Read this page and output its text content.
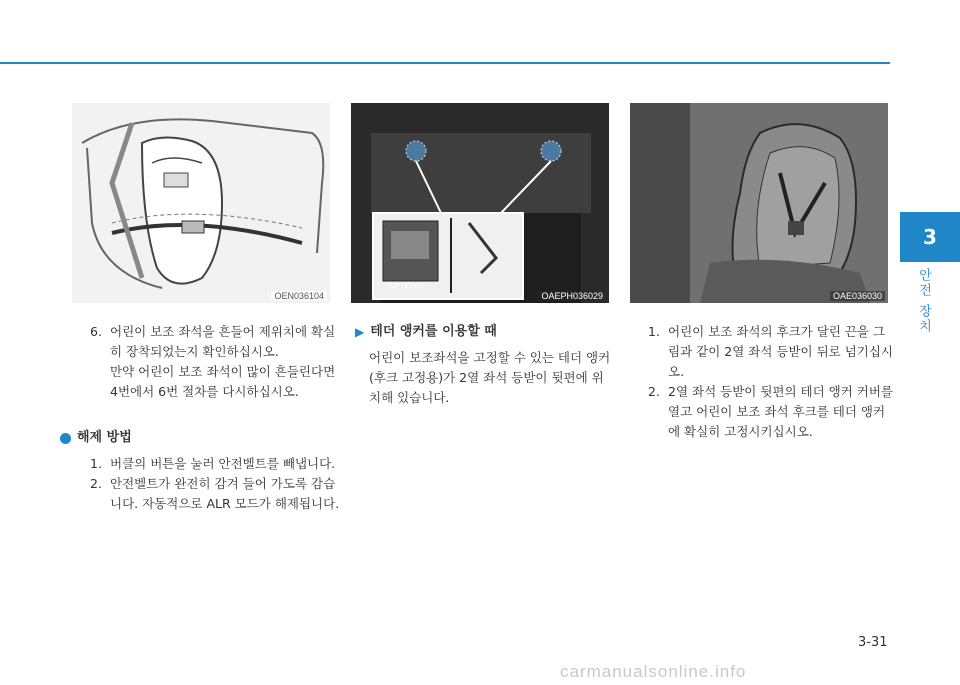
3
안전 장치
OEN036104
TOP TETHER
OAEPH036029	OAE036030
6. 어린이 보조 좌석을 흔들어 제위치에 확실히 장착되었는지 확인하십시오.
만약 어린이 보조 좌석이 많이 흔들린다면 4번에서 6번 절차를 다시하십시오.
해제 방법
1. 버클의 버튼을 눌러 안전벨트를 빼냅니다.
2. 안전벨트가 완전히 감겨 들어 가도록 감습니다. 자동적으로 ALR 모드가 해제됩니다.
▶ 테더 앵커를 이용할 때
어린이 보조좌석을 고정할 수 있는 테더 앵커(후크 고정용)가 2열 좌석 등받이 뒷편에 위치해 있습니다.
1. 어린이 보조 좌석의 후크가 달린 끈을 그림과 같이 2열 좌석 등받이 뒤로 넘기십시오.
2. 2열 좌석 등받이 뒷편의 테더 앵커 커버를 열고 어린이 보조 좌석 후크를 테더 앵커에 확실히 고정시키십시오.
3-31
carmanualsonline.info
